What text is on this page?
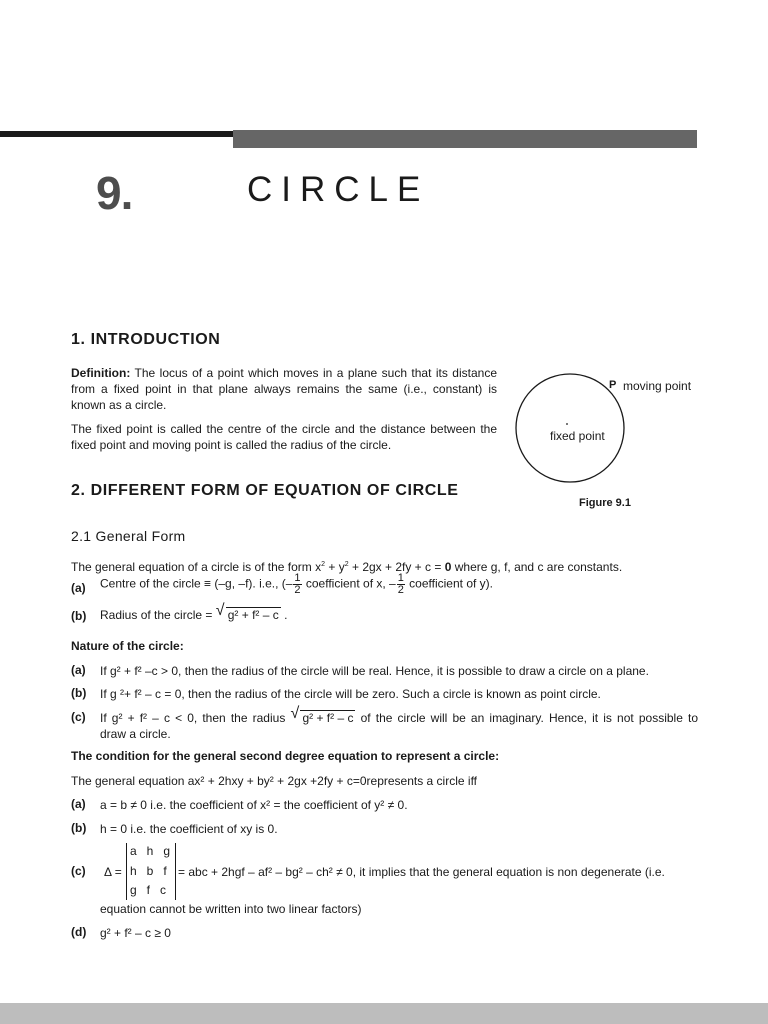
9.	CIRCLE
1. INTRODUCTION
Definition: The locus of a point which moves in a plane such that its distance
from a fixed point in that plane always remains the same (i.e., constant) is
known as a circle.
The fixed point is called the centre of the circle and the distance between the
fixed point and moving point is called the radius of the circle.
P moving point
fixed point
Figure 9.1
2. DIFFERENT FORM OF EQUATION OF CIRCLE
2.1 General Form
The general equation of a circle is of the form $x^2 + y^2 + 2gx + 2fy + c = 0$ where g, f, and c are constants.
(a) Centre of the circle ≡ (–g, –f). i.e., (– $\frac{1}{2}$ coefficient of x, – $\frac{1}{2}$ coefficient of y).
(b) Radius of the circle = √ g² + f² – c .
Nature of the circle:
(a) If g² + f² –c > 0, then the radius of the circle will be real. Hence, it is possible to draw a circle on a plane.
(b) If g ²+ f² – c = 0, then the radius of the circle will be zero. Such a circle is known as point circle.
(c) If g² + f² – c < 0, then the radius √ g² + f² – c of the circle will be an imaginary. Hence, it is not possible to
draw a circle.
The condition for the general second degree equation to represent a circle:
The general equation ax² + 2hxy + by² + 2gx +2fy + c=0represents a circle iff
(a) a = b ≠ 0 i.e. the coefficient of x² = the coefficient of y² ≠ 0.
(b) h = 0 i.e. the coefficient of xy is 0.
(c) Δ =
a   h   g
h   b   f
g   f   c
= abc + 2hgf – af² – bg² – ch² ≠ 0, it implies that the general equation is non degenerate (i.e.
equation cannot be written into two linear factors)
(d) g² + f² – c ≥ 0
